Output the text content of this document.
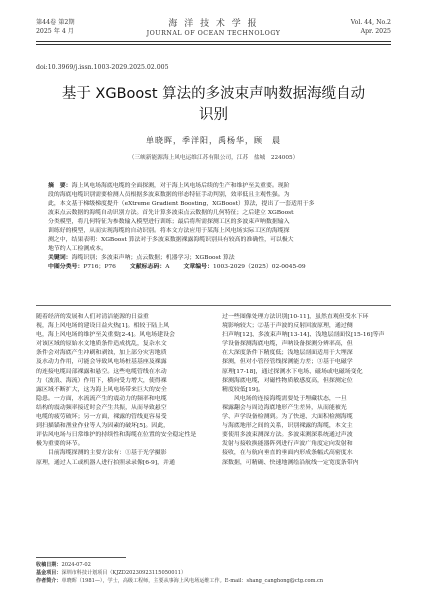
第44卷 第2期
2025 年 4 月
海 洋 技 术 学 报
JOURNAL OF OCEAN TECHNOLOGY
Vol. 44, No.2
Apr. 2025
doi:10.3969/j.issn.1003-2029.2025.02.005
基于 XGBoost 算法的多波束声呐数据海缆自动
识别
单晓晖，季洋阳，禹杨华，顾　晨
（三峡新能源海上风电运维江苏有限公司，江苏　盐城　224005）
摘　要：海上风电场海底电缆的全面探测，对于海上风电场后续的生产和维护至关重要。现阶
段的海底电缆识别需要检测人员根据多波束数据的形态特征手动判别，效率低且主观性强。为
此，本文基于梯级梯度提升（eXtreme Gradient Boosting，XGBoost）算法，提出了一套适用于多
波束点云数据的海缆自动识别方法。首先计算多波束点云数据的几何特征；之后建立 XGBoost
分类模型，将几何特征为参数输入模型进行训练；最后将所需探测工区的多波束声呐数据输入
训练好的模型，从而实现海缆的自动识别。将本文方法应用于某海上风电场实际工区的海缆探
测之中，结果表明：XGBoost 算法对于多波束数据裸露海缆识别具有较高的准确性，可以极大
地节约人工检测成本。
关键词：海缆识别；多波束声呐；点云数据；机器学习；XGBoost 算法
中图分类号：P716；P76 文献标志码：A 文章编号：1003-2029（2025）02-0045-09
随着经济的发展和人们对清洁能源的日益重
视，海上风电场的建设日益火热[1]。相较于陆上风
电，海上风电场的维护至关重要[2-4]。风电场建设会
对该区域的原始水文地质条件造成扰乱，复杂水文
条件会对海底产生冲刷和剥蚀，加上部分灾害地质
及水动力作用，可能会导致风电场桩基基座及裸露
的连接电缆局部裸露和悬空。这些电缆管线在水动
力（波浪、海流）作用下，横向受力增大，使得裸
露区域不断扩大，这为海上风电场带来巨大的安全
隐患。一方面，水流流产生的震动力的频率和电缆
结构的震动频率接近时会产生共振，从而导致悬空
电缆的疲劳破坏；另一方面，裸露的管线更容易受
到扫描锚和渔业作业等人为因素的破坏[5]。因此，
评估风电场与日常维护的持续性和海缆在位置的安全稳定性是
极为重要的环节。
　　目前海缆探测的主要方法有：①基于光学摄影
原理，通过人工或机器人进行拍照录录像[6-9]，并通
过一些图像处理方法识别[10-11]，虽然直观但受水下环
境影响较大；②基于声波的反射回波原理，通过侧
扫声呐[12]、多波束声呐[13-14]、浅地层剖面仪[15-16]等声
学设备探测海底电缆，声呐设备探测分辨率高，但
在大深度条件下精度低；浅地层剖面适用于大埋深
探测，但对小管径管线探测能力差；③基于电磁学
原理[17-18]，通过探测水下电场、磁场或电磁场变化
探测海底电缆，对磁性物质敏感度高，但探测定位
精度较低[19]。
　　风电场的连接海缆需要处于埋藏状态，一旦
裸露翻会与周边海底地形产生差异，从而能被光
学、声学设备检测到。为了快速、大面积检测海缆
与海底地形之间的关系，识别裸露的海缆，本文主
要使用多波束测深方法。多波束测深系统通过声波
发射与接收换能器阵列进行声波广角度定向发射和
接收，在与航向垂直的垂面内形成条幅式高密度水
深数据，可精确、快速地测绘沿航线一定宽度条带内
收稿日期：2024-07-02
基金项目：深圳市科技计划项目（KJZD20230923115050011）
作者简介：单晓晖（1981—），学士，高级工程师，主要从事海上风电场运维工作。E-mail：shang_canghong@ctg.com.cn
